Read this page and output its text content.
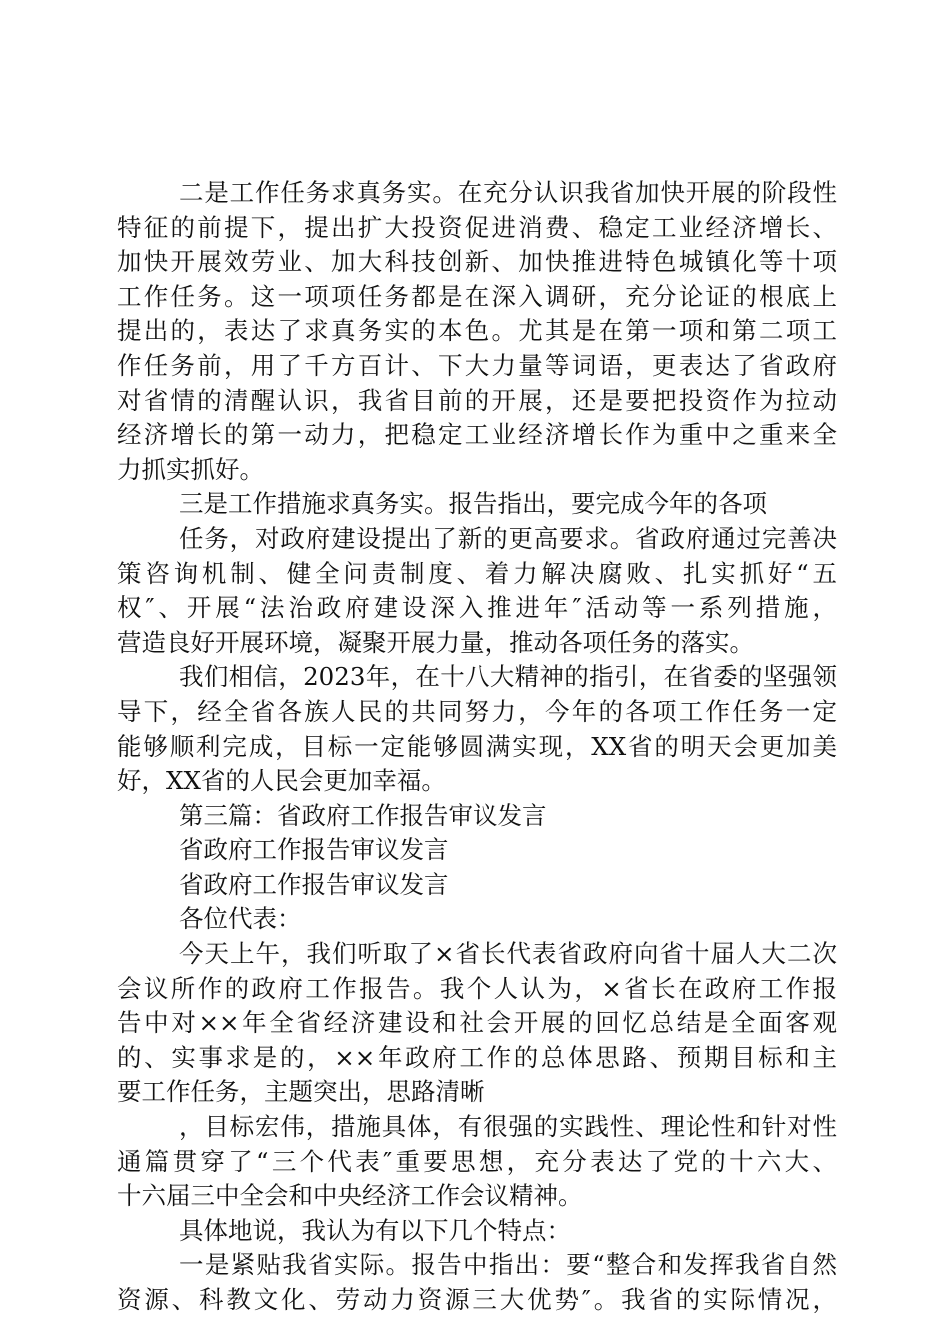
二是工作任务求真务实。在充分认识我省加快开展的阶段性
特征的前提下，提出扩大投资促进消费、稳定工业经济增长、
加快开展效劳业、加大科技创新、加快推进特色城镇化等十项
工作任务。这一项项任务都是在深入调研，充分论证的根底上
提出的，表达了求真务实的本色。尤其是在第一项和第二项工
作任务前，用了千方百计、下大力量等词语，更表达了省政府
对省情的清醒认识，我省目前的开展，还是要把投资作为拉动
经济增长的第一动力，把稳定工业经济增长作为重中之重来全
力抓实抓好。
三是工作措施求真务实。报告指出，要完成今年的各项
任务，对政府建设提出了新的更高要求。省政府通过完善决
策咨询机制、健全问责制度、着力解决腐败、扎实抓好“五
权″、开展“法治政府建设深入推进年″活动等一系列措施，
营造良好开展环境，凝聚开展力量，推动各项任务的落实。
我们相信，2023年，在十八大精神的指引，在省委的坚强领
导下，经全省各族人民的共同努力，今年的各项工作任务一定
能够顺利完成，目标一定能够圆满实现，XX省的明天会更加美
好，XX省的人民会更加幸福。
第三篇：省政府工作报告审议发言
省政府工作报告审议发言
省政府工作报告审议发言
各位代表：
今天上午，我们听取了×省长代表省政府向省十届人大二次
会议所作的政府工作报告。我个人认为，×省长在政府工作报
告中对××年全省经济建设和社会开展的回忆总结是全面客观
的、实事求是的，××年政府工作的总体思路、预期目标和主
要工作任务，主题突出，思路清晰
，目标宏伟，措施具体，有很强的实践性、理论性和针对性
通篇贯穿了“三个代表″重要思想，充分表达了党的十六大、
十六届三中全会和中央经济工作会议精神。
具体地说，我认为有以下几个特点：
一是紧贴我省实际。报告中指出：要“整合和发挥我省自然
资源、科教文化、劳动力资源三大优势″。我省的实际情况，
